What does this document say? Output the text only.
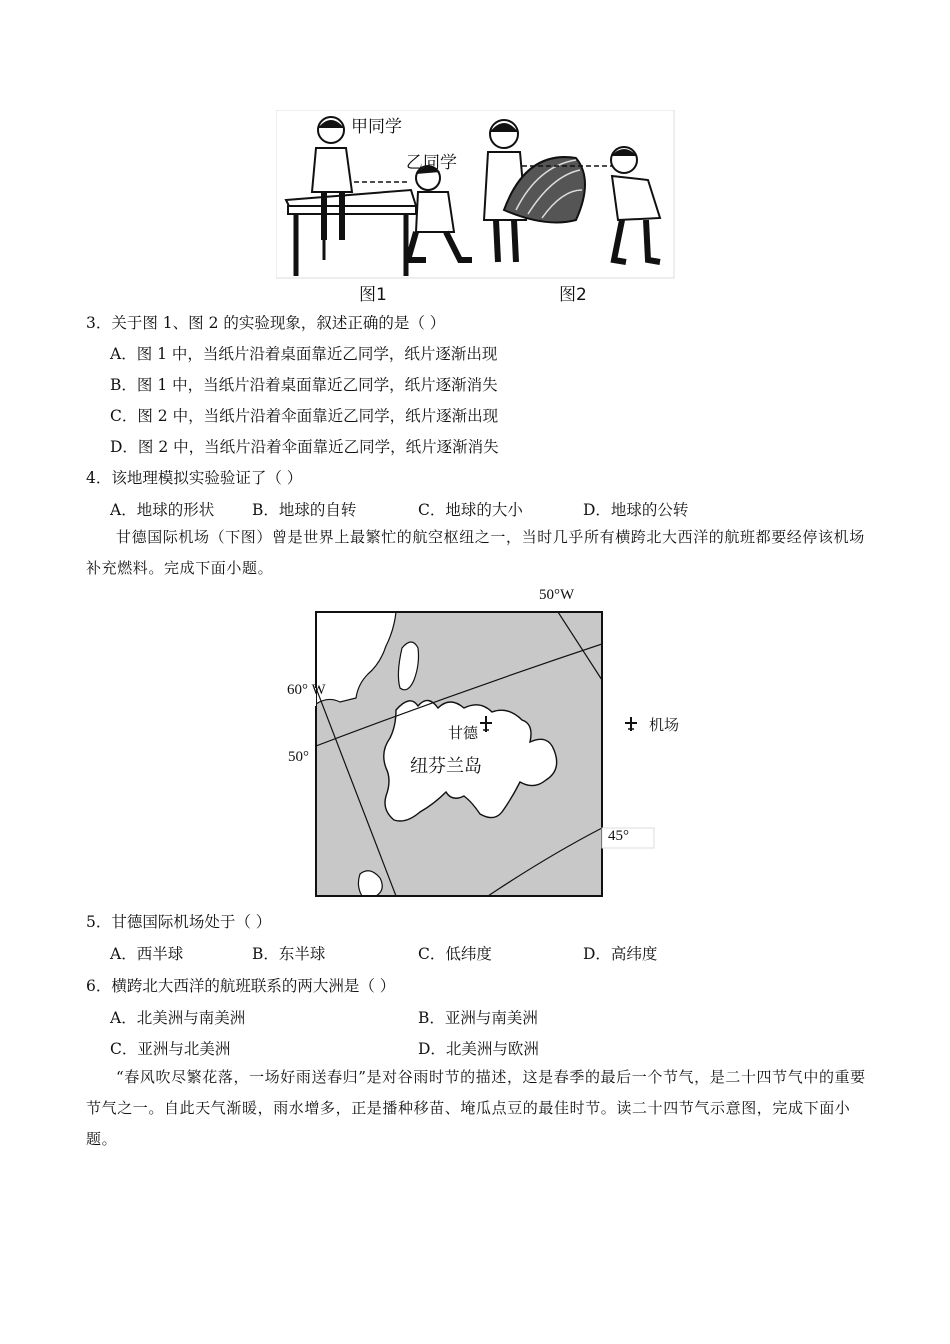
甲同学
乙同学
图1	图2
3．关于图 1、图 2 的实验现象，叙述正确的是（ ）
A．图 1 中，当纸片沿着桌面靠近乙同学，纸片逐渐出现
B．图 1 中，当纸片沿着桌面靠近乙同学，纸片逐渐消失
C．图 2 中，当纸片沿着伞面靠近乙同学，纸片逐渐出现
D．图 2 中，当纸片沿着伞面靠近乙同学，纸片逐渐消失
4．该地理模拟实验验证了（ ）
A．地球的形状 B．地球的自转	C．地球的大小	D．地球的公转
甘德国际机场（下图）曾是世界上最繁忙的航空枢纽之一，当时几乎所有横跨北大西洋的航班都要经停该机场补充燃料。完成下面小题。
50°W
60° W
50°
45°
甘德
纽芬兰岛
机场
5．甘德国际机场处于（ ）
A．西半球	B．东半球	C．低纬度	D．高纬度
6．横跨北大西洋的航班联系的两大洲是（ ）
A．北美洲与南美洲	B．亚洲与南美洲
C．亚洲与北美洲	D．北美洲与欧洲
“春风吹尽繁花落，一场好雨送春归”是对谷雨时节的描述，这是春季的最后一个节气，是二十四节气中的重要节气之一。自此天气渐暖，雨水增多，正是播种移苗、埯瓜点豆的最佳时节。读二十四节气示意图，完成下面小题。
